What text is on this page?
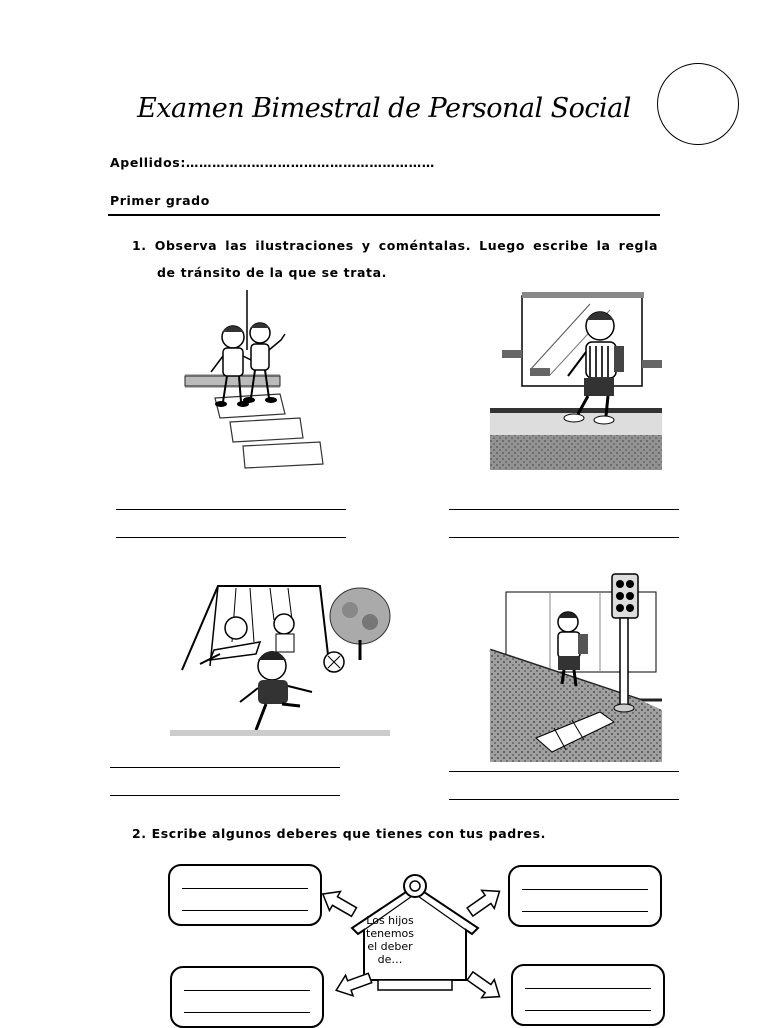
Examen Bimestral de Personal Social
Apellidos:…………………………………………………
Primer grado
1. Observa las ilustraciones y coméntalas. Luego escribe la regla
de tránsito de la que se trata.
2. Escribe algunos deberes que tienes con tus padres.
Los hijos
tenemos
el deber
de…
